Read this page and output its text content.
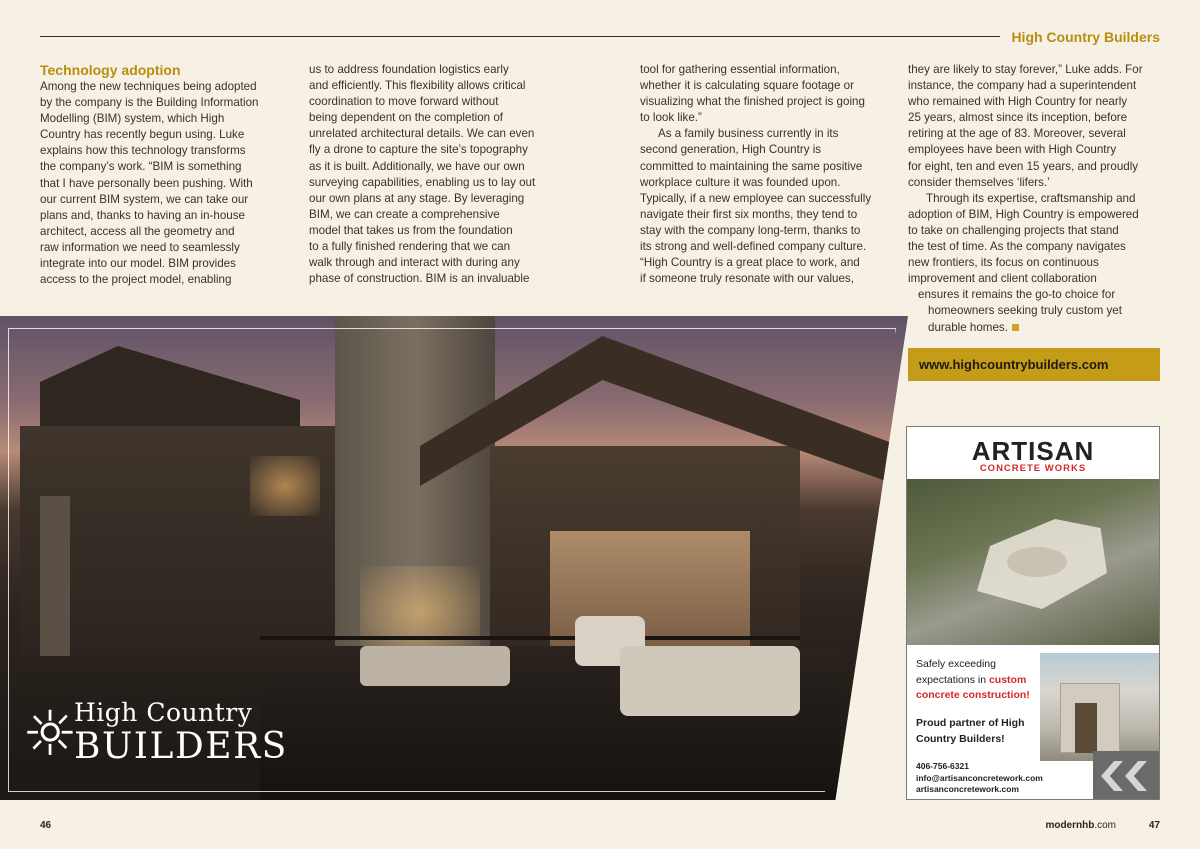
High Country Builders
Technology adoption
Among the new techniques being adopted
by the company is the Building Information
Modelling (BIM) system, which High
Country has recently begun using. Luke
explains how this technology transforms
the company’s work. “BIM is something
that I have personally been pushing. With
our current BIM system, we can take our
plans and, thanks to having an in-house
architect, access all the geometry and
raw information we need to seamlessly
integrate into our model. BIM provides
access to the project model, enabling
us to address foundation logistics early
and efficiently. This flexibility allows critical
coordination to move forward without
being dependent on the completion of
unrelated architectural details. We can even
fly a drone to capture the site’s topography
as it is built. Additionally, we have our own
surveying capabilities, enabling us to lay out
our own plans at any stage. By leveraging
BIM, we can create a comprehensive
model that takes us from the foundation
to a fully finished rendering that we can
walk through and interact with during any
phase of construction. BIM is an invaluable
tool for gathering essential information,
whether it is calculating square footage or
visualizing what the finished project is going
to look like.”
As a family business currently in its
second generation, High Country is
committed to maintaining the same positive
workplace culture it was founded upon.
Typically, if a new employee can successfully
navigate their first six months, they tend to
stay with the company long-term, thanks to
its strong and well-defined company culture.
“High Country is a great place to work, and
if someone truly resonate with our values,
they are likely to stay forever,” Luke adds. For
instance, the company had a superintendent
who remained with High Country for nearly
25 years, almost since its inception, before
retiring at the age of 83. Moreover, several
employees have been with High Country
for eight, ten and even 15 years, and proudly
consider themselves ‘lifers.’
Through its expertise, craftsmanship and
adoption of BIM, High Country is empowered
to take on challenging projects that stand
the test of time. As the company navigates
new frontiers, its focus on continuous
improvement and client collaboration
ensures it remains the go-to choice for
homeowners seeking truly custom yet
durable homes.
☼
High Country
BUILDERS
www.highcountrybuilders.com
ARTISAN
CONCRETE WORKS
Safely exceeding expectations in custom concrete construction!
Proud partner of High Country Builders!
406-756-6321
info@artisanconcretework.com
artisanconcretework.com
46	modernhb.com	47
